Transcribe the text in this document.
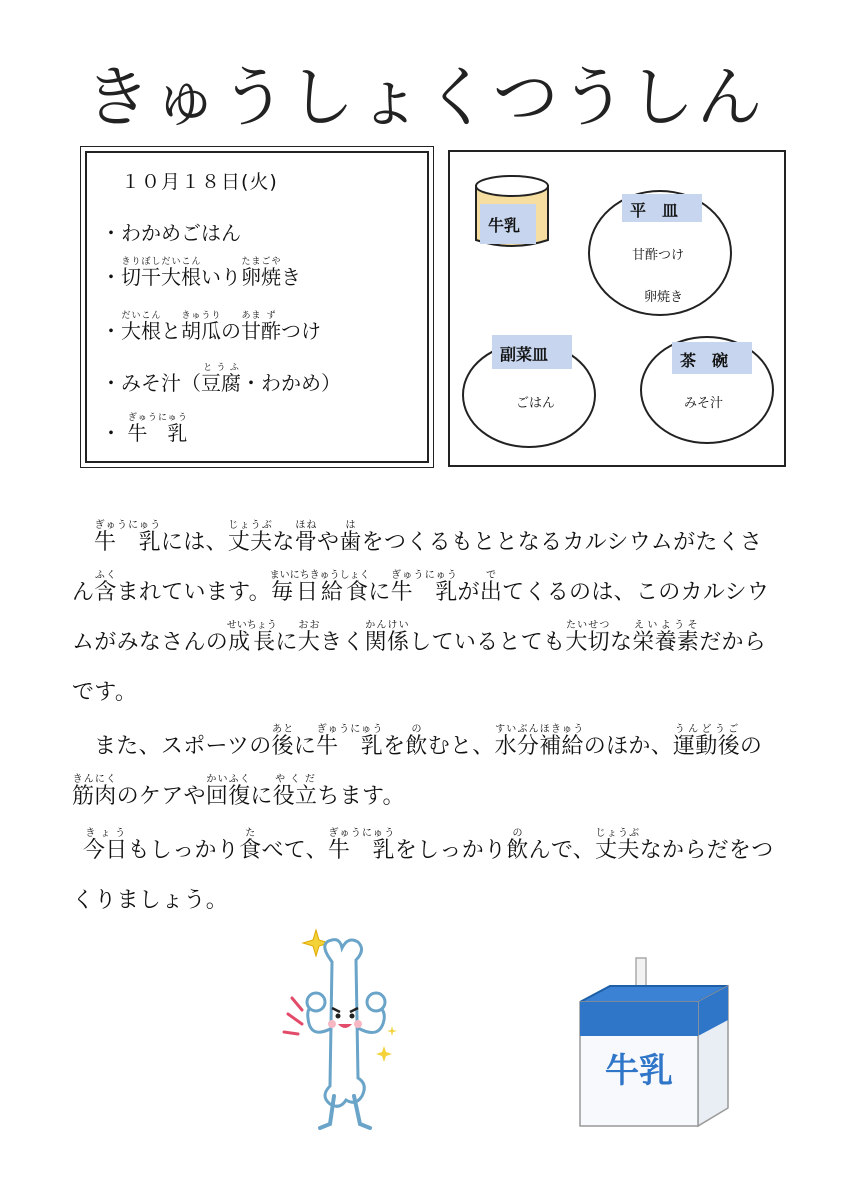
きゅうしょくつうしん
１０月１８日(火)
・わかめごはん
・切干大根きりぼしだいこんいり卵焼たまごやき
・大根だいこんと胡瓜きゅうりの甘あま酢ずつけ
・みそ汁（豆腐とうふ・わかめ）
・ 牛　乳ぎゅうにゅう
牛乳
平　皿
甘酢つけ
卵焼き
副菜皿
ごはん
茶　碗
みそ汁
牛　乳ぎゅうにゅうには、丈夫じょうぶな骨ほねや歯はをつくるもととなるカルシウムがたくさん含ふくまれています。毎日給食まいにちきゅうしょくに牛　乳ぎゅうにゅうが出でてくるのは、このカルシウムがみなさんの成長せいちょうに大おおきく関係かんけいしているとても大切たいせつな栄養素えいようそだからです。
また、スポーツの後あとに牛　乳ぎゅうにゅうを飲のむと、水分補給すいぶんほきゅうのほか、運動後うんどうごの筋肉きんにくのケアや回復かいふくに役立やくだちます。
今日きょうもしっかり食たべて、牛　乳ぎゅうにゅうをしっかり飲のんで、丈夫じょうぶなからだをつくりましょう。
牛乳
